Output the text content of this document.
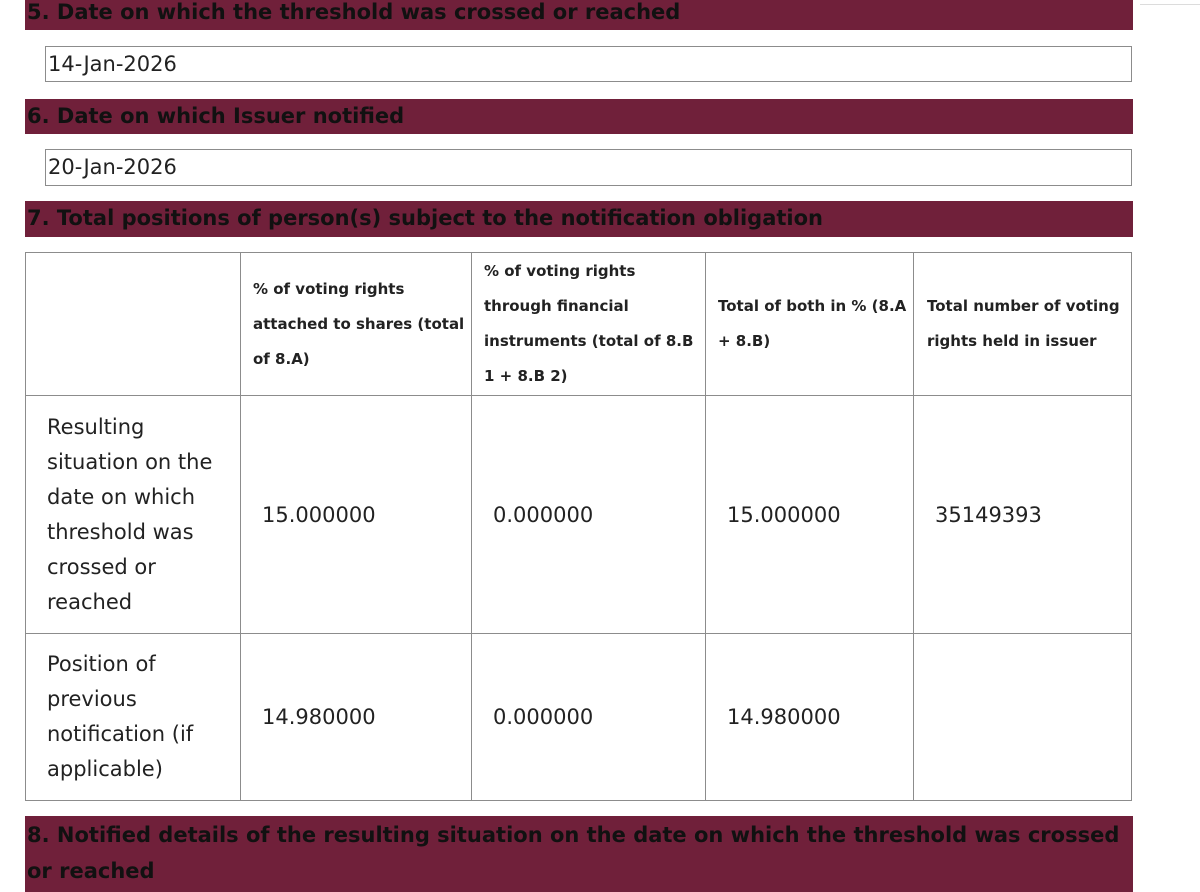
5. Date on which the threshold was crossed or reached
14-Jan-2026
6. Date on which Issuer notified
20-Jan-2026
7. Total positions of person(s) subject to the notification obligation

	% of voting rights attached to shares (total of 8.A)	% of voting rights through financial instruments (total of 8.B 1 + 8.B 2)	Total of both in % (8.A + 8.B)	Total number of voting rights held in issuer

Resulting situation on the date on which threshold was crossed or reached	15.000000	0.000000	15.000000	35149393
Position of previous notification (if applicable)	14.980000	0.000000	14.980000	
8. Notified details of the resulting situation on the date on which the threshold was crossed or reached
